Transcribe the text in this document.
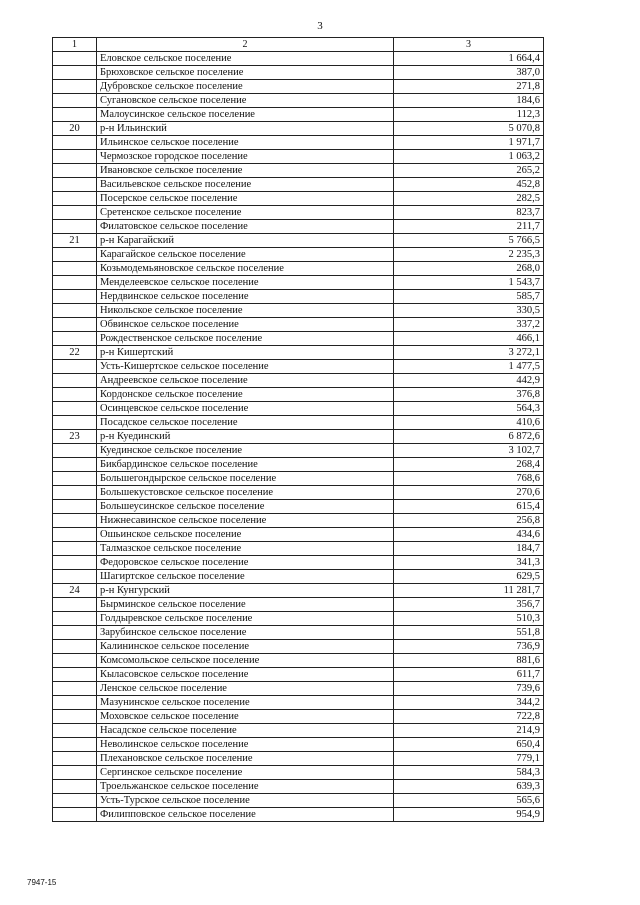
3
1	2	3
	Еловское сельское поселение	1 664,4
	Брюховское сельское поселение	387,0
	Дубровское сельское поселение	271,8
	Сугановское сельское поселение	184,6
	Малоусинское сельское поселение	112,3
20	р-н Ильинский	5 070,8
	Ильинское сельское поселение	1 971,7
	Чермозское городское поселение	1 063,2
	Ивановское сельское поселение	265,2
	Васильевское сельское поселение	452,8
	Посерское сельское поселение	282,5
	Сретенское сельское поселение	823,7
	Филатовское сельское поселение	211,7
21	р-н Карагайский	5 766,5
	Карагайское сельское поселение	2 235,3
	Козьмодемьяновское сельское поселение	268,0
	Менделеевское сельское поселение	1 543,7
	Нердвинское сельское поселение	585,7
	Никольское сельское поселение	330,5
	Обвинское сельское поселение	337,2
	Рождественское сельское поселение	466,1
22	р-н Кишертский	3 272,1
	Усть-Кишертское сельское поселение	1 477,5
	Андреевское сельское поселение	442,9
	Кордонское сельское поселение	376,8
	Осинцевское сельское поселение	564,3
	Посадское сельское поселение	410,6
23	р-н Куединский	6 872,6
	Куединское сельское поселение	3 102,7
	Бикбардинское сельское поселение	268,4
	Большегондырское сельское поселение	768,6
	Большекустовское сельское поселение	270,6
	Большеусинское сельское поселение	615,4
	Нижнесавинское сельское поселение	256,8
	Ошьинское сельское поселение	434,6
	Талмазское сельское поселение	184,7
	Федоровское сельское поселение	341,3
	Шагиртское сельское поселение	629,5
24	р-н Кунгурский	11 281,7
	Бырминское сельское поселение	356,7
	Голдыревское сельское поселение	510,3
	Зарубинское сельское поселение	551,8
	Калининское сельское поселение	736,9
	Комсомольское сельское поселение	881,6
	Кыласовское сельское поселение	611,7
	Ленское сельское поселение	739,6
	Мазунинское сельское поселение	344,2
	Моховское сельское поселение	722,8
	Насадское сельское поселение	214,9
	Неволинское сельское поселение	650,4
	Плехановское сельское поселение	779,1
	Сергинское сельское поселение	584,3
	Троельжанское сельское поселение	639,3
	Усть-Турское сельское поселение	565,6
	Филипповское сельское поселение	954,9
7947-15
